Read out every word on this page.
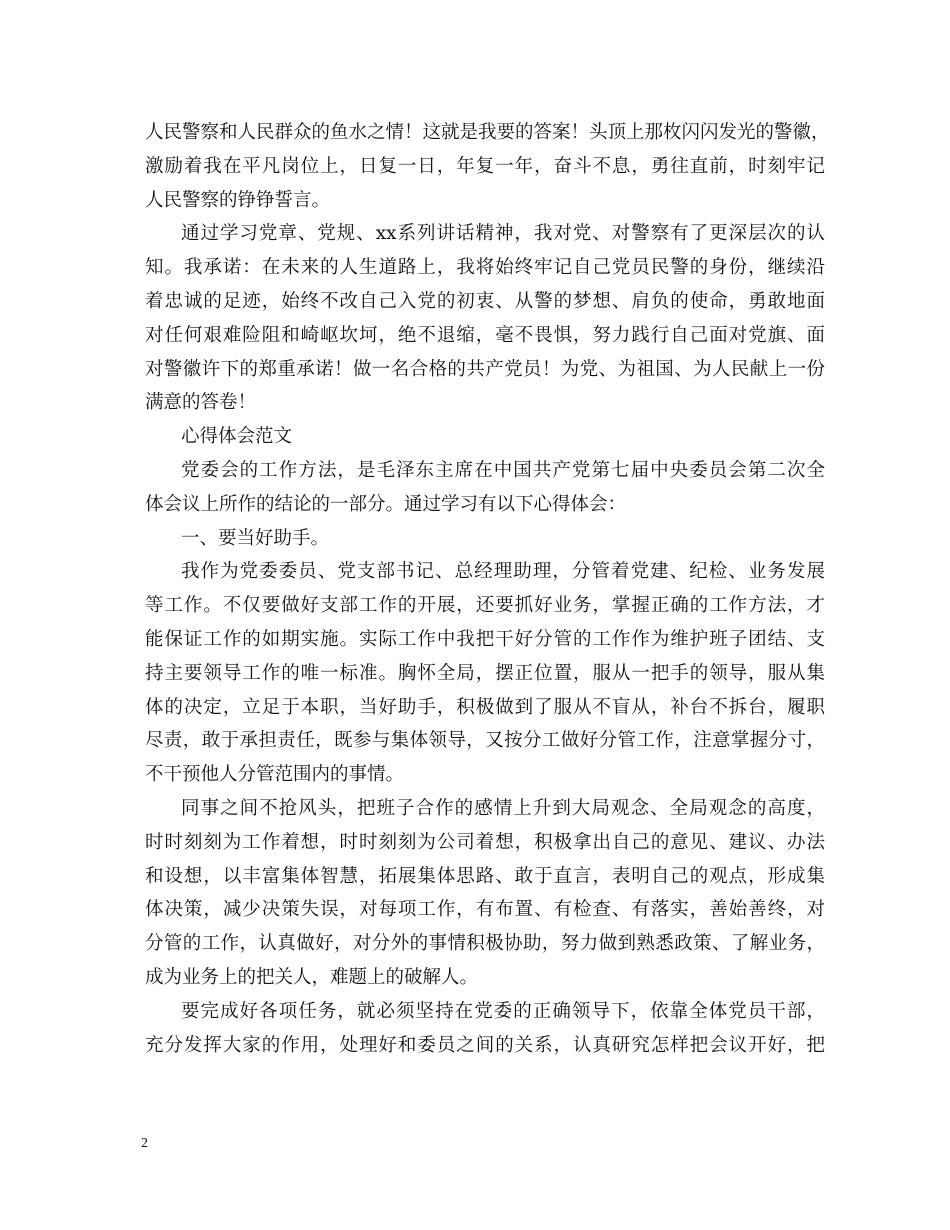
人民警察和人民群众的鱼水之情！这就是我要的答案！头顶上那枚闪闪发光的警徽，
激励着我在平凡岗位上，日复一日，年复一年，奋斗不息，勇往直前，时刻牢记
人民警察的铮铮誓言。
通过学习党章、党规、xx系列讲话精神，我对党、对警察有了更深层次的认
知。我承诺：在未来的人生道路上，我将始终牢记自己党员民警的身份，继续沿
着忠诚的足迹，始终不改自己入党的初衷、从警的梦想、肩负的使命，勇敢地面
对任何艰难险阻和崎岖坎坷，绝不退缩，毫不畏惧，努力践行自己面对党旗、面
对警徽许下的郑重承诺！做一名合格的共产党员！为党、为祖国、为人民献上一份
满意的答卷！
心得体会范文
党委会的工作方法，是毛泽东主席在中国共产党第七届中央委员会第二次全
体会议上所作的结论的一部分。通过学习有以下心得体会：
一、要当好助手。
我作为党委委员、党支部书记、总经理助理，分管着党建、纪检、业务发展
等工作。不仅要做好支部工作的开展，还要抓好业务，掌握正确的工作方法，才
能保证工作的如期实施。实际工作中我把干好分管的工作作为维护班子团结、支
持主要领导工作的唯一标准。胸怀全局，摆正位置，服从一把手的领导，服从集
体的决定，立足于本职，当好助手，积极做到了服从不盲从，补台不拆台，履职
尽责，敢于承担责任，既参与集体领导，又按分工做好分管工作，注意掌握分寸，
不干预他人分管范围内的事情。
同事之间不抢风头，把班子合作的感情上升到大局观念、全局观念的高度，
时时刻刻为工作着想，时时刻刻为公司着想，积极拿出自己的意见、建议、办法
和设想，以丰富集体智慧，拓展集体思路、敢于直言，表明自己的观点，形成集
体决策，减少决策失误，对每项工作，有布置、有检查、有落实，善始善终，对
分管的工作，认真做好，对分外的事情积极协助，努力做到熟悉政策、了解业务，
成为业务上的把关人，难题上的破解人。
要完成好各项任务，就必须坚持在党委的正确领导下，依靠全体党员干部，
充分发挥大家的作用，处理好和委员之间的关系，认真研究怎样把会议开好，把
2
